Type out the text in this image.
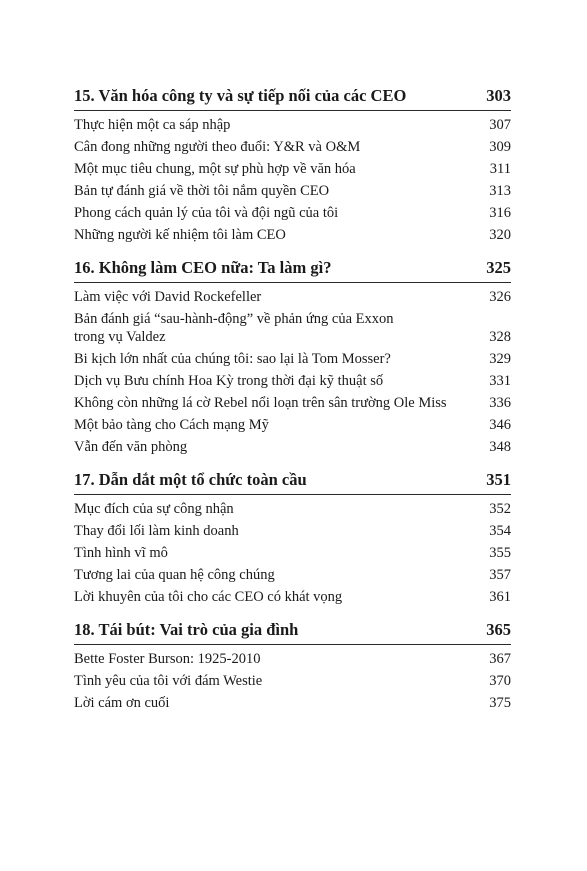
15. Văn hóa công ty và sự tiếp nối của các CEO	303
Thực hiện một ca sáp nhập	307
Cân đong những người theo đuổi: Y&R và O&M	309
Một mục tiêu chung, một sự phù hợp về văn hóa	311
Bản tự đánh giá về thời tôi nắm quyền CEO	313
Phong cách quản lý của tôi và đội ngũ của tôi	316
Những người kế nhiệm tôi làm CEO	320
16. Không làm CEO nữa: Ta làm gì?	325
Làm việc với David Rockefeller	326
Bản đánh giá “sau-hành-động” về phản ứng của Exxon
trong vụ Valdez	328
Bi kịch lớn nhất của chúng tôi: sao lại là Tom Mosser?	329
Dịch vụ Bưu chính Hoa Kỳ trong thời đại kỹ thuật số	331
Không còn những lá cờ Rebel nổi loạn trên sân trường Ole Miss	336
Một bảo tàng cho Cách mạng Mỹ	346
Vẫn đến văn phòng	348
17. Dẫn dắt một tổ chức toàn cầu	351
Mục đích của sự công nhận	352
Thay đổi lối làm kinh doanh	354
Tình hình vĩ mô	355
Tương lai của quan hệ công chúng	357
Lời khuyên của tôi cho các CEO có khát vọng	361
18. Tái bút: Vai trò của gia đình	365
Bette Foster Burson: 1925-2010	367
Tình yêu của tôi với đám Westie	370
Lời cám ơn cuối	375
